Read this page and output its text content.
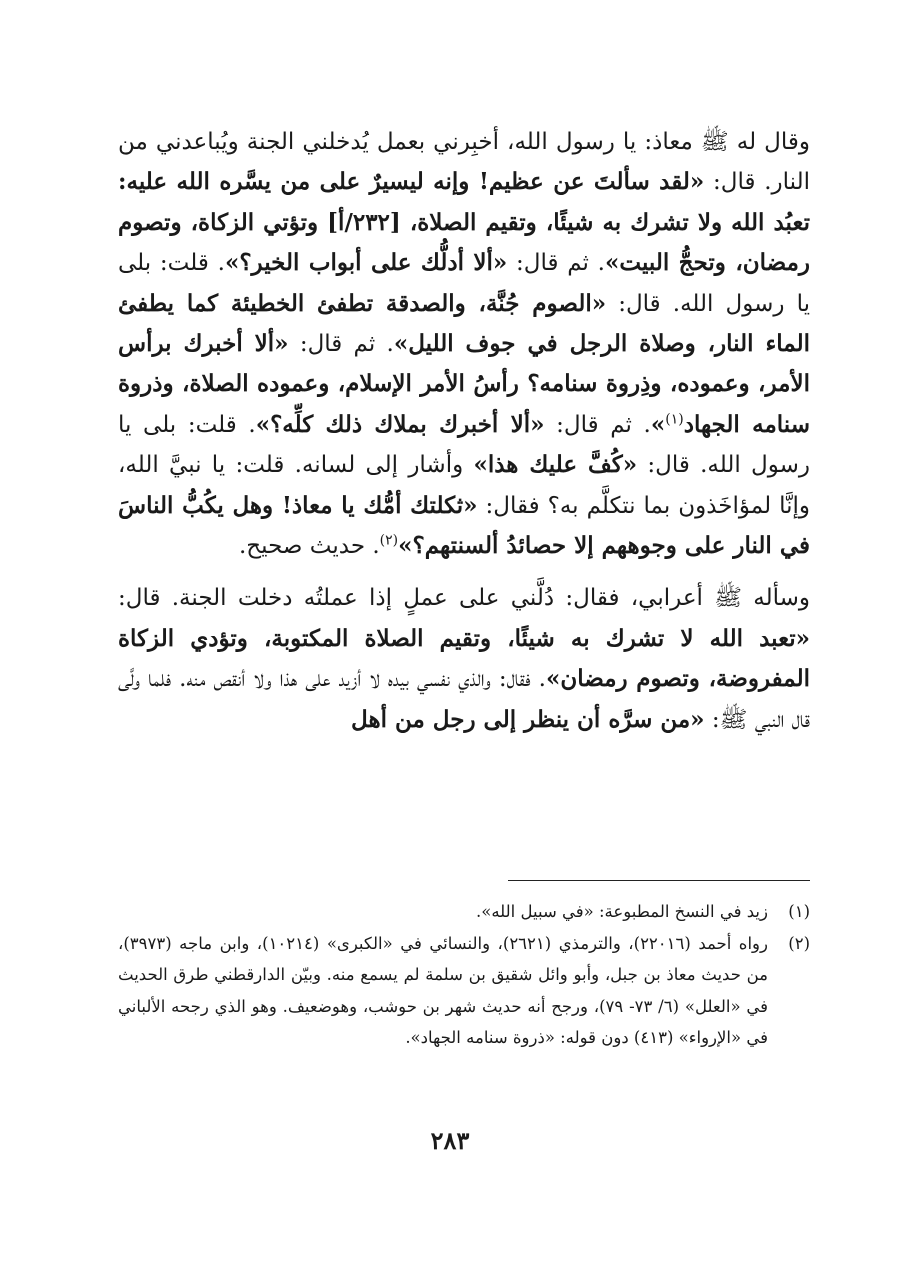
وقال له ﷺ معاذ: يا رسول الله، أخبِرني بعمل يُدخلني الجنة ويُباعدني من النار. قال: «لقد سألتَ عن عظيم! وإنه ليسيرٌ على من يسَّره الله عليه: تعبُد الله ولا تشرك به شيئًا، وتقيم الصلاة، [٢٣٢/أ] وتؤتي الزكاة، وتصوم رمضان، وتحجُّ البيت». ثم قال: «ألا أدلُّك على أبواب الخير؟». قلت: بلى يا رسول الله. قال: «الصوم جُنَّة، والصدقة تطفئ الخطيئة كما يطفئ الماء النار، وصلاة الرجل في جوف الليل». ثم قال: «ألا أخبرك برأس الأمر، وعموده، وذِروة سنامه؟ رأسُ الأمر الإسلام، وعموده الصلاة، وذروة سنامه الجهاد$^{(١)}$». ثم قال: «ألا أخبرك بملاك ذلك كلِّه؟». قلت: بلى يا رسول الله. قال: «كُفَّ عليك هذا» وأشار إلى لسانه. قلت: يا نبيَّ الله، وإنَّا لمؤاخَذون بما نتكلَّم به؟ فقال: «ثكلتك أمُّك يا معاذ! وهل يكُبُّ الناسَ في النار على وجوههم إلا حصائدُ ألسنتهم؟»$^{(٢)}$. حديث صحيح.

وسأله ﷺ أعرابي، فقال: دُلَّني على عملٍ إذا عملتُه دخلت الجنة. قال: «تعبد الله لا تشرك به شيئًا، وتقيم الصلاة المكتوبة، وتؤدي الزكاة المفروضة، وتصوم رمضان». فقال: والذي نفسي بيده لا أزيد على هذا ولا أنقص منه. فلما ولَّى قال النبي ﷺ: «من سرَّه أن ينظر إلى رجل من أهل

(١)
زيد في النسخ المطبوعة: «في سبيل الله».
(٢)
رواه أحمد (٢٢٠١٦)، والترمذي (٢٦٢١)، والنسائي في «الكبرى» (١٠٢١٤)، وابن ماجه (٣٩٧٣)، من حديث معاذ بن جبل، وأبو وائل شقيق بن سلمة لم يسمع منه. وبيّن الدارقطني طرق الحديث في «العلل» (٦/ ٧٣- ٧٩)، ورجح أنه حديث شهر بن حوشب، وهوضعيف. وهو الذي رجحه الألباني في «الإرواء» (٤١٣) دون قوله: «ذروة سنامه الجهاد».
٢٨٣
